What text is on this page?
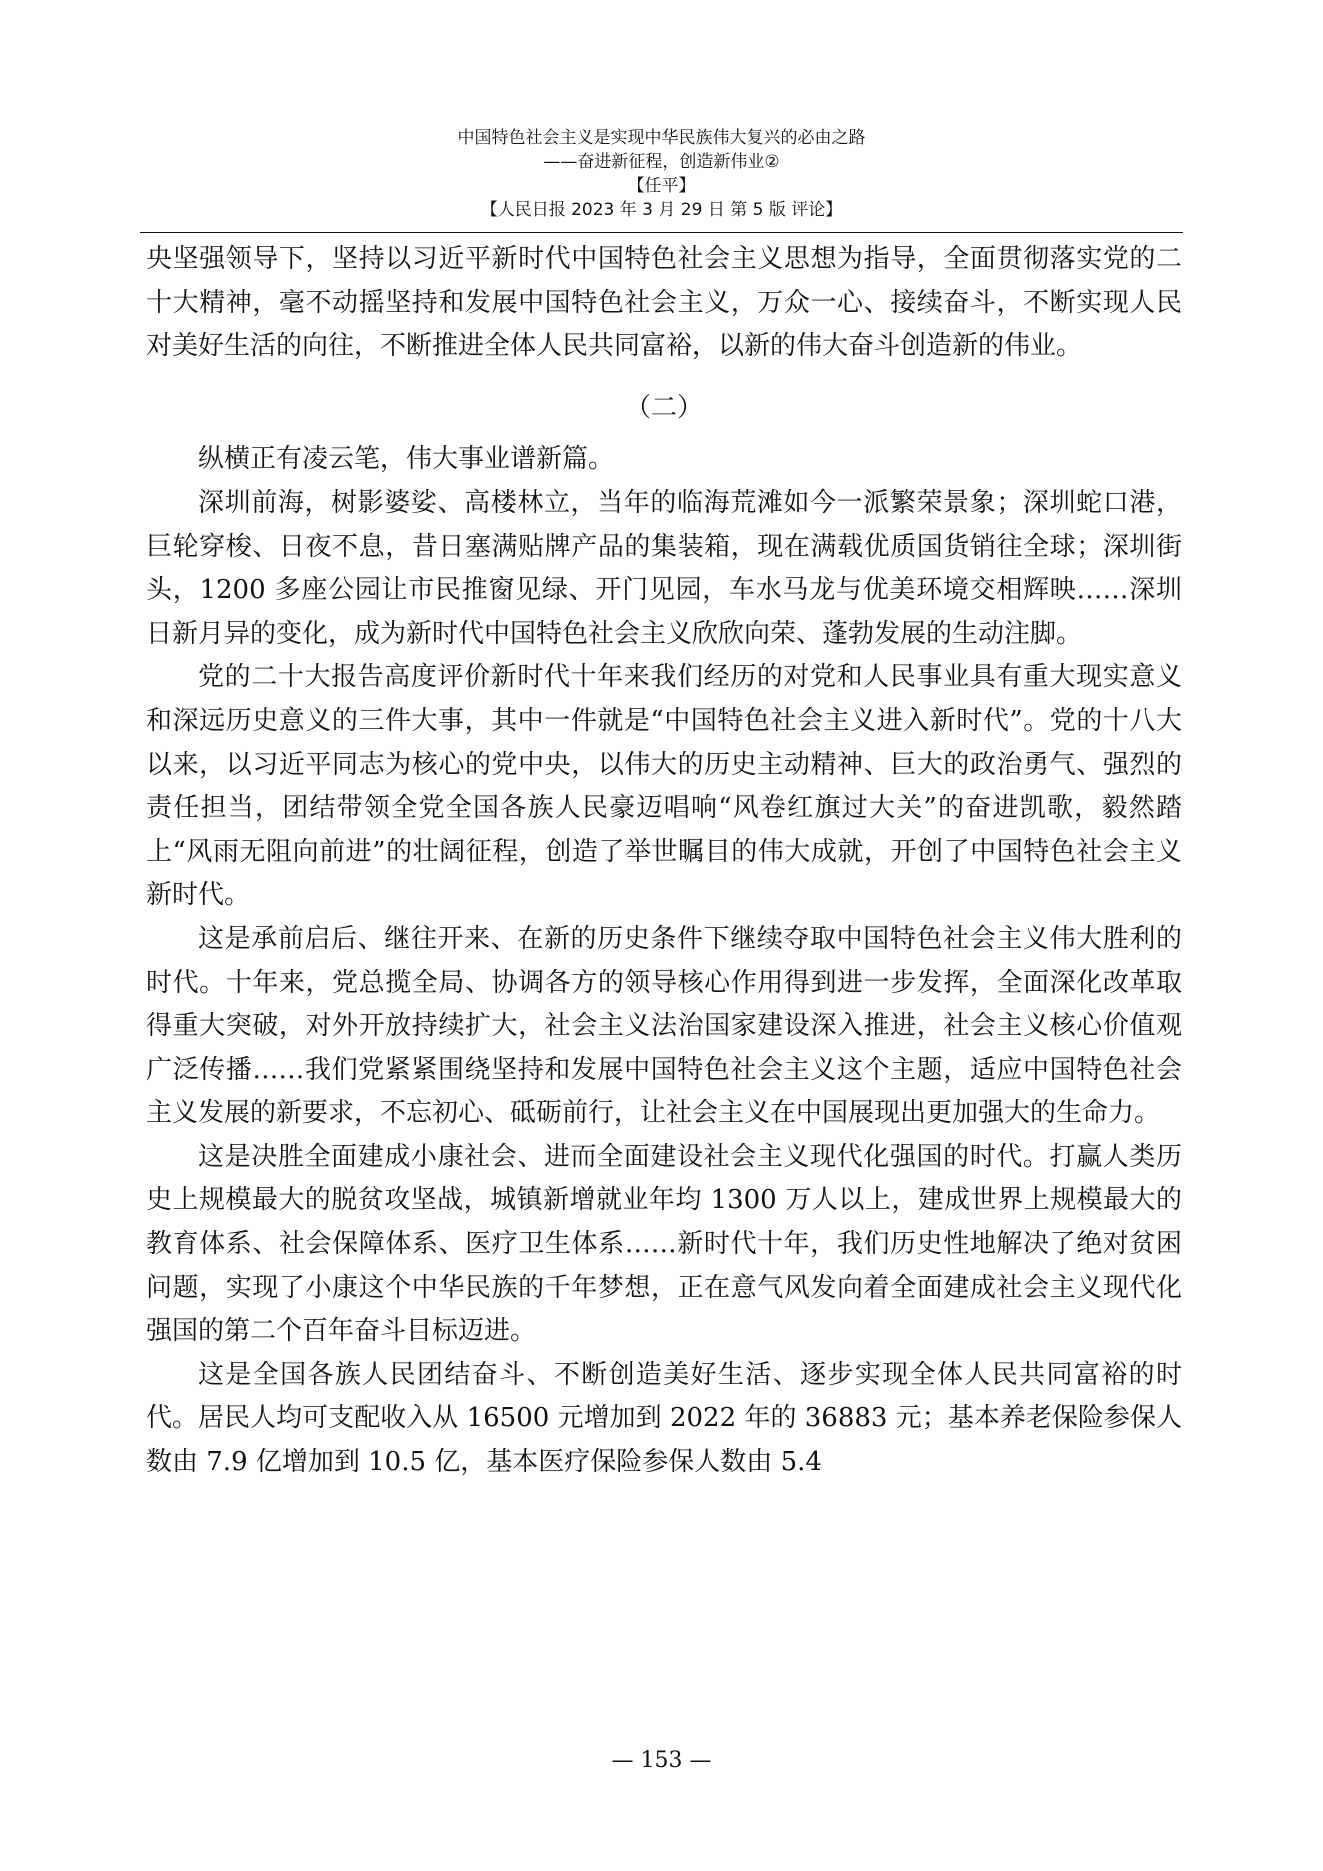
中国特色社会主义是实现中华民族伟大复兴的必由之路
——奋进新征程，创造新伟业②
【任平】
【人民日报 2023 年 3 月 29 日 第 5 版 评论】

央坚强领导下，坚持以习近平新时代中国特色社会主义思想为指导，全面贯彻落实党的二十大精神，毫不动摇坚持和发展中国特色社会主义，万众一心、接续奋斗，不断实现人民对美好生活的向往，不断推进全体人民共同富裕，以新的伟大奋斗创造新的伟业。

（二）

纵横正有凌云笔，伟大事业谱新篇。

深圳前海，树影婆娑、高楼林立，当年的临海荒滩如今一派繁荣景象；深圳蛇口港，巨轮穿梭、日夜不息，昔日塞满贴牌产品的集装箱，现在满载优质国货销往全球；深圳街头，1200 多座公园让市民推窗见绿、开门见园，车水马龙与优美环境交相辉映……深圳日新月异的变化，成为新时代中国特色社会主义欣欣向荣、蓬勃发展的生动注脚。

党的二十大报告高度评价新时代十年来我们经历的对党和人民事业具有重大现实意义和深远历史意义的三件大事，其中一件就是“中国特色社会主义进入新时代”。党的十八大以来，以习近平同志为核心的党中央，以伟大的历史主动精神、巨大的政治勇气、强烈的责任担当，团结带领全党全国各族人民豪迈唱响“风卷红旗过大关”的奋进凯歌，毅然踏上“风雨无阻向前进”的壮阔征程，创造了举世瞩目的伟大成就，开创了中国特色社会主义新时代。

这是承前启后、继往开来、在新的历史条件下继续夺取中国特色社会主义伟大胜利的时代。十年来，党总揽全局、协调各方的领导核心作用得到进一步发挥，全面深化改革取得重大突破，对外开放持续扩大，社会主义法治国家建设深入推进，社会主义核心价值观广泛传播……我们党紧紧围绕坚持和发展中国特色社会主义这个主题，适应中国特色社会主义发展的新要求，不忘初心、砥砺前行，让社会主义在中国展现出更加强大的生命力。

这是决胜全面建成小康社会、进而全面建设社会主义现代化强国的时代。打赢人类历史上规模最大的脱贫攻坚战，城镇新增就业年均 1300 万人以上，建成世界上规模最大的教育体系、社会保障体系、医疗卫生体系……新时代十年，我们历史性地解决了绝对贫困问题，实现了小康这个中华民族的千年梦想，正在意气风发向着全面建成社会主义现代化强国的第二个百年奋斗目标迈进。

这是全国各族人民团结奋斗、不断创造美好生活、逐步实现全体人民共同富裕的时代。居民人均可支配收入从 16500 元增加到 2022 年的 36883 元；基本养老保险参保人数由 7.9 亿增加到 10.5 亿，基本医疗保险参保人数由 5.4

— 153 —
